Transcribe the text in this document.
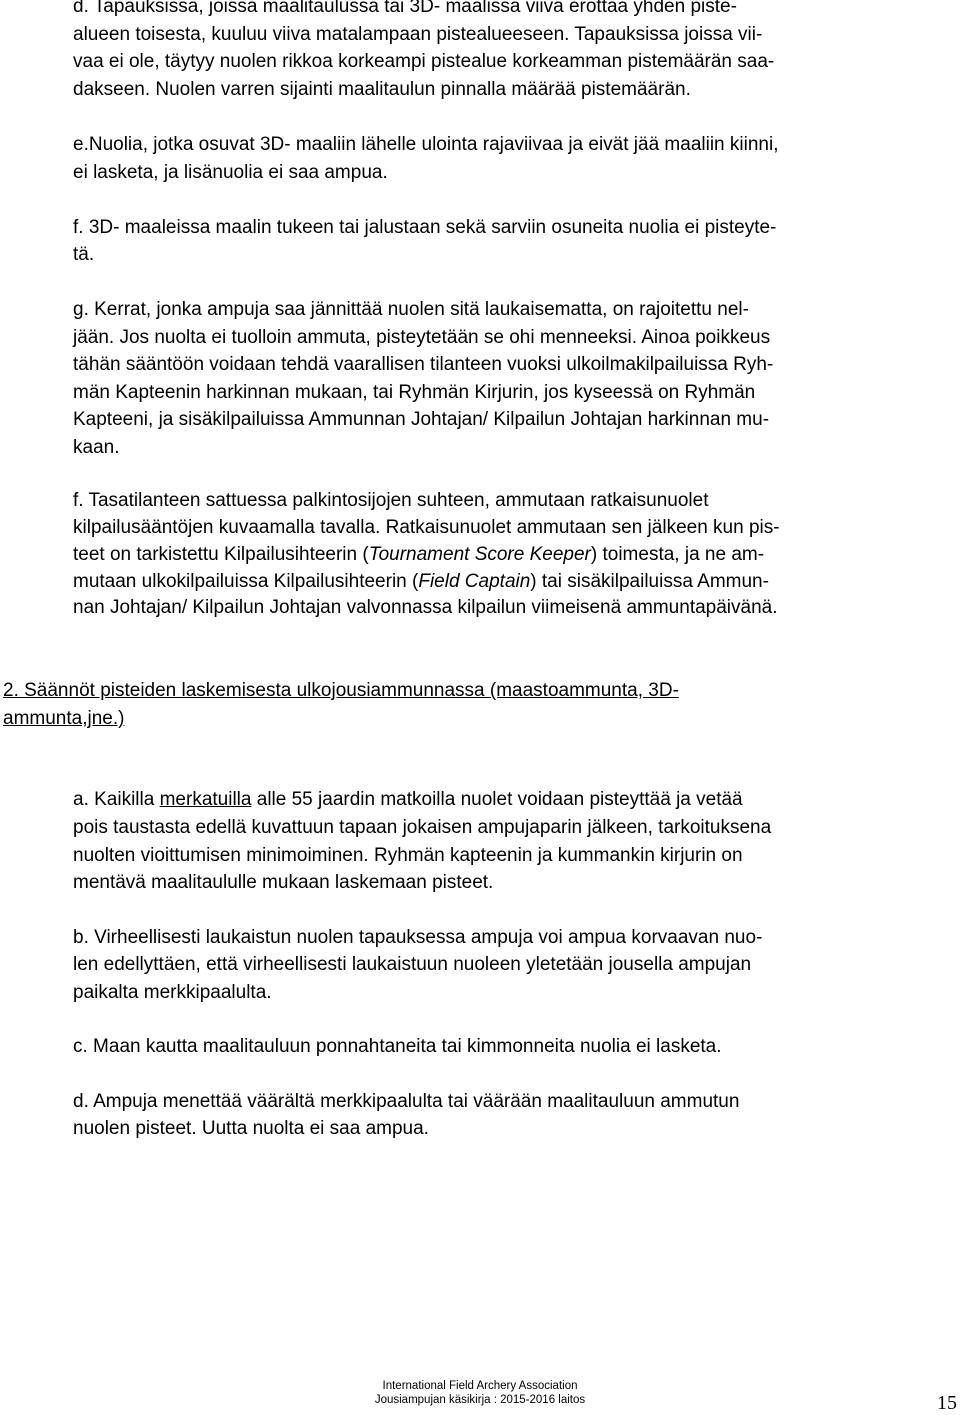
d. Tapauksissa, joissa maalitaulussa tai 3D- maalissa viiva erottaa yhden piste-

alueen toisesta, kuuluu viiva matalampaan pistealueeseen. Tapauksissa joissa vii-

vaa ei ole, täytyy nuolen rikkoa korkeampi pistealue korkeamman pistemäärän saa-

dakseen. Nuolen varren sijainti maalitaulun pinnalla määrää pistemäärän.

e.Nuolia, jotka osuvat 3D- maaliin lähelle ulointa rajaviivaa ja eivät jää maaliin kiinni,

ei lasketa, ja lisänuolia ei saa ampua.

f. 3D- maaleissa maalin tukeen tai jalustaan sekä sarviin osuneita nuolia ei pisteyte-

tä.

g. Kerrat, jonka ampuja saa jännittää nuolen sitä laukaisematta, on rajoitettu nel-

jään. Jos nuolta ei tuolloin ammuta, pisteytetään se ohi menneeksi. Ainoa poikkeus

tähän sääntöön voidaan tehdä vaarallisen tilanteen vuoksi ulkoilmakilpailuissa Ryh-

män Kapteenin harkinnan mukaan, tai Ryhmän Kirjurin, jos kyseessä on Ryhmän

Kapteeni, ja sisäkilpailuissa Ammunnan Johtajan/ Kilpailun Johtajan harkinnan mu-

kaan.

f. Tasatilanteen sattuessa palkintosijojen suhteen, ammutaan ratkaisunuolet

kilpailusääntöjen kuvaamalla tavalla. Ratkaisunuolet ammutaan sen jälkeen kun pis-

teet on tarkistettu Kilpailusihteerin (Tournament Score Keeper) toimesta, ja ne am-

mutaan ulkokilpailuissa Kilpailusihteerin (Field Captain) tai sisäkilpailuissa Ammun-

nan Johtajan/ Kilpailun Johtajan valvonnassa kilpailun viimeisenä ammuntapäivänä.

2. Säännöt pisteiden laskemisesta ulkojousiammunnassa (maastoammunta, 3D-

ammunta,jne.)

a. Kaikilla merkatuilla alle 55 jaardin matkoilla nuolet voidaan pisteyttää ja vetää

pois taustasta edellä kuvattuun tapaan jokaisen ampujaparin jälkeen, tarkoituksena

nuolten vioittumisen minimoiminen. Ryhmän kapteenin ja kummankin kirjurin on

mentävä maalitaululle mukaan laskemaan pisteet.

b. Virheellisesti laukaistun nuolen tapauksessa ampuja voi ampua korvaavan nuo-

len edellyttäen, että virheellisesti laukaistuun nuoleen yletetään jousella ampujan

paikalta merkkipaalulta.

c. Maan kautta maalitauluun ponnahtaneita tai kimmonneita nuolia ei lasketa.

d. Ampuja menettää väärältä merkkipaalulta tai väärään maalitauluun ammutun

nuolen pisteet. Uutta nuolta ei saa ampua.

International Field Archery Association
Jousiampujan käsikirja : 2015-2016 laitos	15
